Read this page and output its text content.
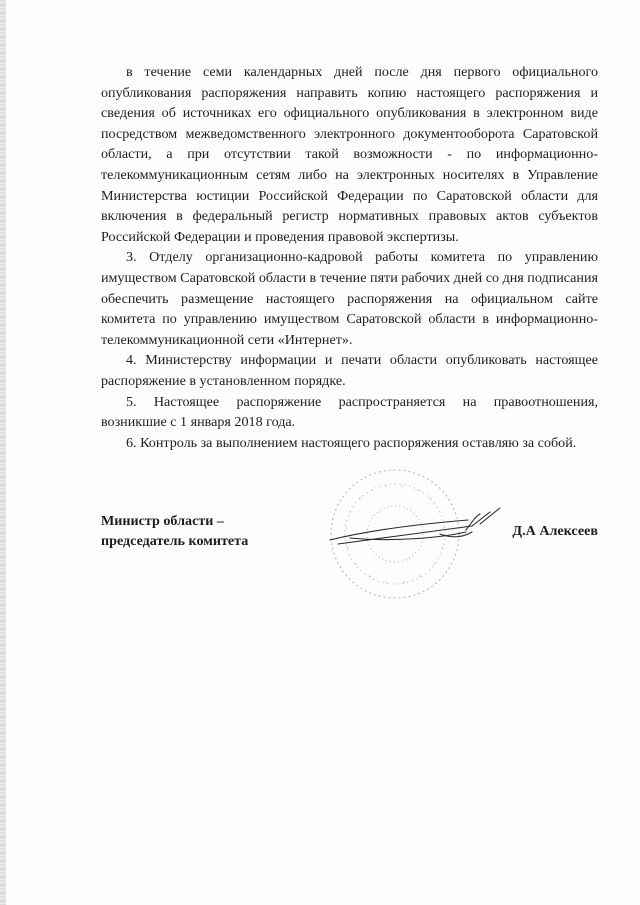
в течение семи календарных дней после дня первого официального опубликования распоряжения направить копию настоящего распоряжения и сведения об источниках его официального опубликования в электронном виде посредством межведомственного электронного документооборота Саратовской области, а при отсутствии такой возможности - по информационно-телекоммуникационным сетям либо на электронных носителях в Управление Министерства юстиции Российской Федерации по Саратовской области для включения в федеральный регистр нормативных правовых актов субъектов Российской Федерации и проведения правовой экспертизы.

3. Отделу организационно-кадровой работы комитета по управлению имуществом Саратовской области в течение пяти рабочих дней со дня подписания обеспечить размещение настоящего распоряжения на официальном сайте комитета по управлению имуществом Саратовской области в информационно-телекоммуникационной сети «Интернет».

4. Министерству информации и печати области опубликовать настоящее распоряжение в установленном порядке.

5. Настоящее распоряжение распространяется на правоотношения, возникшие с 1 января 2018 года.

6. Контроль за выполнением настоящего распоряжения оставляю за собой.

Министр области –
председатель комитета
Д.А Алексеев
